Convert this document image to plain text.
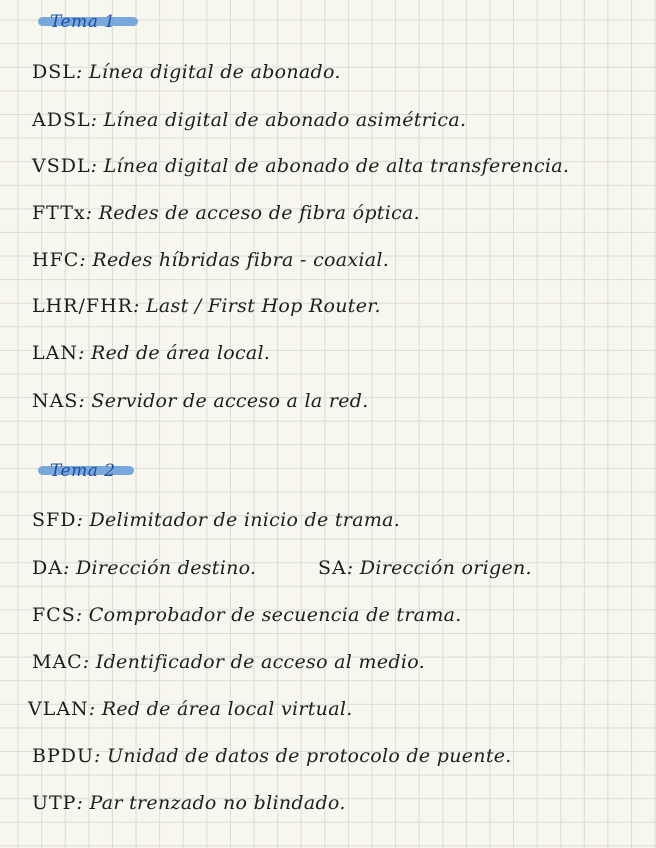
Tema 1
DSL: Línea digital de abonado.
ADSL: Línea digital de abonado asimétrica.
VSDL: Línea digital de abonado de alta transferencia.
FTTx: Redes de acceso de fibra óptica.
HFC: Redes híbridas fibra - coaxial.
LHR/FHR: Last / First Hop Router.
LAN: Red de área local.
NAS: Servidor de acceso a la red.
Tema 2
SFD: Delimitador de inicio de trama.
DA: Dirección destino.	SA: Dirección origen.
FCS: Comprobador de secuencia de trama.
MAC: Identificador de acceso al medio.
VLAN: Red de área local virtual.
BPDU: Unidad de datos de protocolo de puente.
UTP: Par trenzado no blindado.
